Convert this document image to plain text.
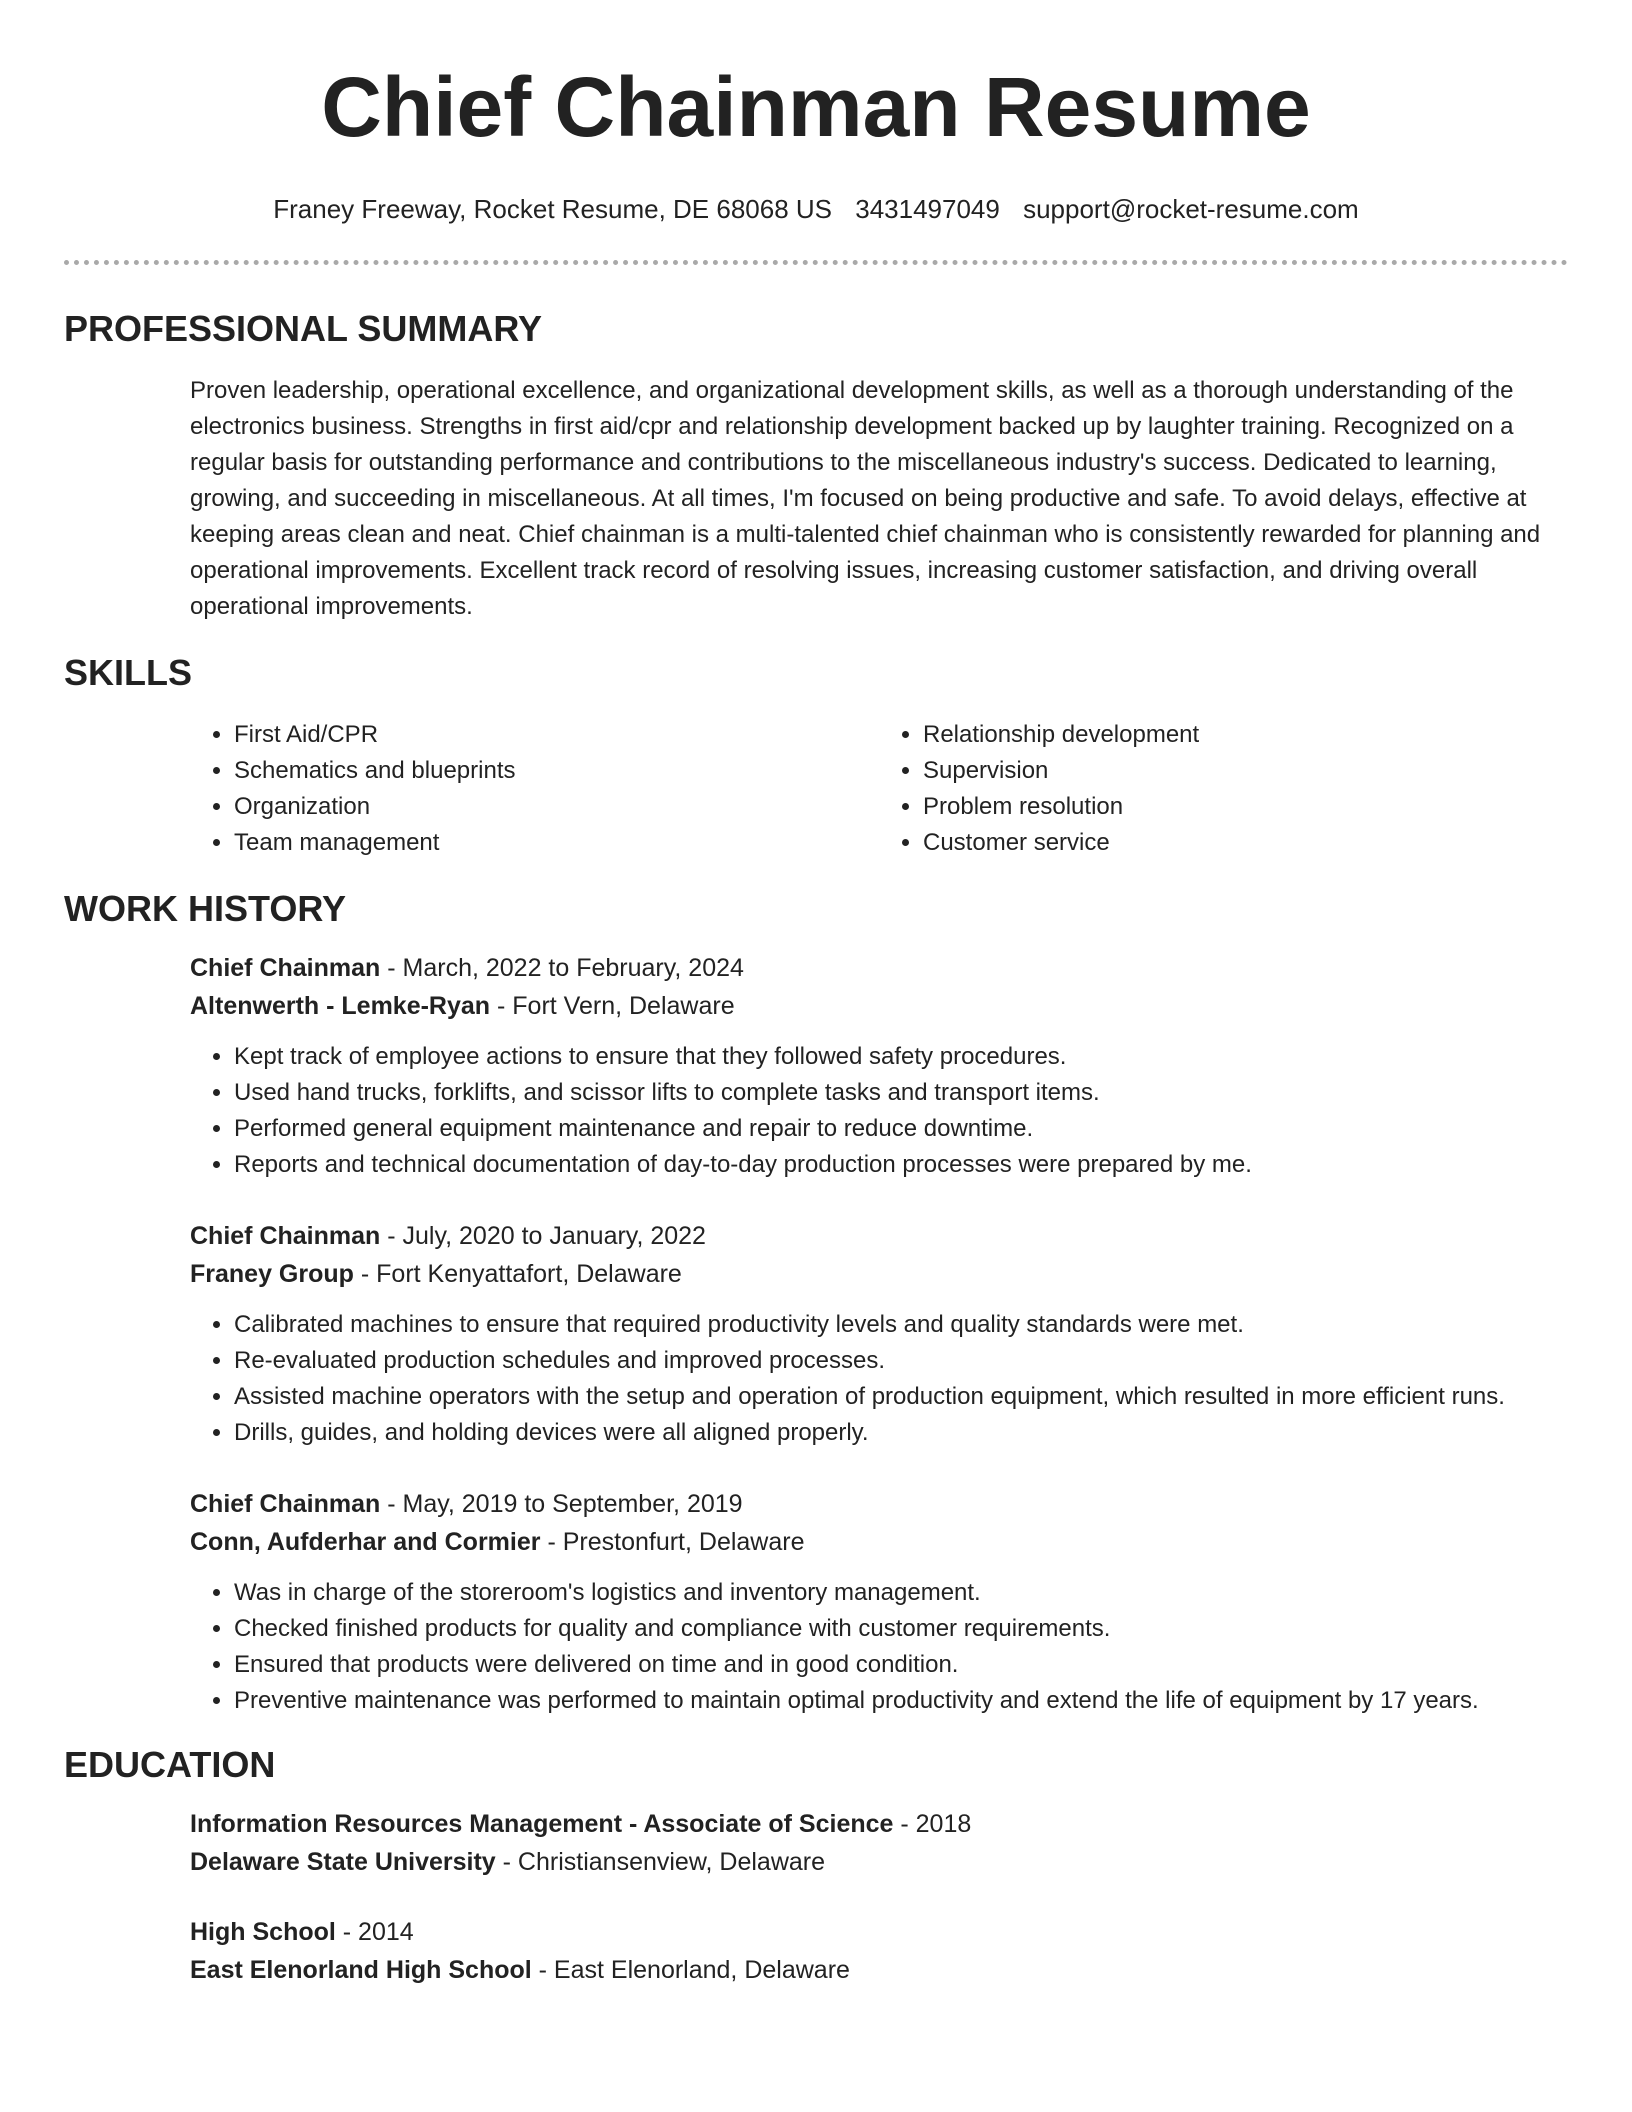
Chief Chainman Resume
Franey Freeway, Rocket Resume, DE 68068 US 3431497049 support@rocket-resume.com
PROFESSIONAL SUMMARY

Proven leadership, operational excellence, and organizational development skills, as well as a thorough understanding of the electronics business. Strengths in first aid/cpr and relationship development backed up by laughter training. Recognized on a regular basis for outstanding performance and contributions to the miscellaneous industry's success. Dedicated to learning, growing, and succeeding in miscellaneous. At all times, I'm focused on being productive and safe. To avoid delays, effective at keeping areas clean and neat. Chief chainman is a multi-talented chief chainman who is consistently rewarded for planning and operational improvements. Excellent track record of resolving issues, increasing customer satisfaction, and driving overall operational improvements.

SKILLS
• First Aid/CPR
• Schematics and blueprints
• Organization
• Team management
• Relationship development
• Supervision
• Problem resolution
• Customer service
WORK HISTORY
Chief Chainman - March, 2022 to February, 2024
Altenwerth - Lemke-Ryan - Fort Vern, Delaware
• Kept track of employee actions to ensure that they followed safety procedures.
• Used hand trucks, forklifts, and scissor lifts to complete tasks and transport items.
• Performed general equipment maintenance and repair to reduce downtime.
• Reports and technical documentation of day-to-day production processes were prepared by me.
Chief Chainman - July, 2020 to January, 2022
Franey Group - Fort Kenyattafort, Delaware
• Calibrated machines to ensure that required productivity levels and quality standards were met.
• Re-evaluated production schedules and improved processes.
• Assisted machine operators with the setup and operation of production equipment, which resulted in more efficient runs.
• Drills, guides, and holding devices were all aligned properly.
Chief Chainman - May, 2019 to September, 2019
Conn, Aufderhar and Cormier - Prestonfurt, Delaware
• Was in charge of the storeroom's logistics and inventory management.
• Checked finished products for quality and compliance with customer requirements.
• Ensured that products were delivered on time and in good condition.
• Preventive maintenance was performed to maintain optimal productivity and extend the life of equipment by 17 years.
EDUCATION
Information Resources Management - Associate of Science - 2018
Delaware State University - Christiansenview, Delaware
High School - 2014
East Elenorland High School - East Elenorland, Delaware
